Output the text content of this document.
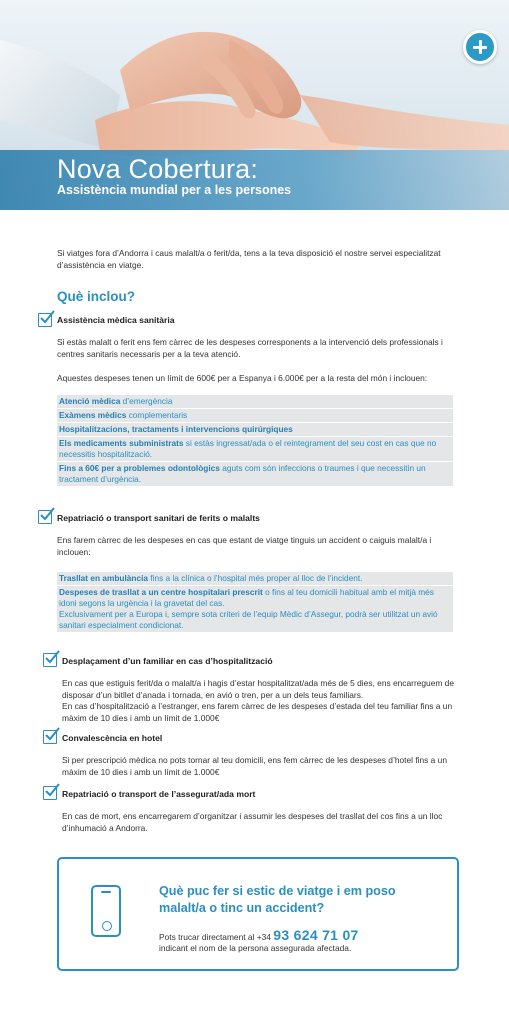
Nova Cobertura:
Assistència mundial per a les persones
Si viatges fora d’Andorra i caus malalt/a o ferit/da, tens a la teva disposició el nostre servei especialitzat d’assistència en viatge.
Què inclou?
Assistència mèdica sanitària
Si estàs malalt o ferit ens fem càrrec de les despeses corresponents a la intervenció dels professionals i centres sanitaris necessaris per a la teva atenció.
Aquestes despeses tenen un límit de 600€ per a Espanya i 6.000€ per a la resta del món i inclouen:
Atenció mèdica d’emergència
Exàmens mèdics complementaris
Hospitalitzacions, tractaments i intervencions quirúrgiques
Els medicaments subministrats si estàs ingressat/ada o el reintegrament del seu cost en cas que no necessitis hospitalització.
Fins a 60€ per a problemes odontològics aguts com són infeccions o traumes i que necessitin un tractament d’urgència.
Repatriació o transport sanitari de ferits o malalts
Ens farem càrrec de les despeses en cas que estant de viatge tinguis un accident o caiguis malalt/a i inclouen:
Trasllat en ambulància fins a la clínica o l’hospital més proper al lloc de l’incident.
Despeses de trasllat a un centre hospitalari prescrit o fins al teu domicili habitual amb el mitjà més idoni segons la urgència i la gravetat del cas.
Exclusivament per a Europa i, sempre sota criteri de l’equip Mèdic d’Assegur, podrà ser utilitzat un avió sanitari especialment condicionat.
Desplaçament d’un familiar en cas d’hospitalització
En cas que estiguis ferit/da o malalt/a i hagis d’estar hospitalitzat/ada més de 5 dies, ens encarreguem de disposar d’un bitllet d’anada i tornada, en avió o tren, per a un dels teus familiars.
En cas d’hospitalització a l’estranger, ens farem càrrec de les despeses d’estada del teu familiar fins a un màxim de 10 dies i amb un límit de 1.000€
Convalescència en hotel
Si per prescripció mèdica no pots tornar al teu domicili, ens fem càrrec de les despeses d’hotel fins a un màxim de 10 dies i amb un límit de 1.000€
Repatriació o transport de l’assegurat/ada mort
En cas de mort, ens encarregarem d’organitzar i assumir les despeses del trasllat del cos fins a un lloc d’inhumació a Andorra.
Què puc fer si estic de viatge i em poso malalt/a o tinc un accident?
Pots trucar directament al +34 93 624 71 07
indicant el nom de la persona assegurada afectada.
